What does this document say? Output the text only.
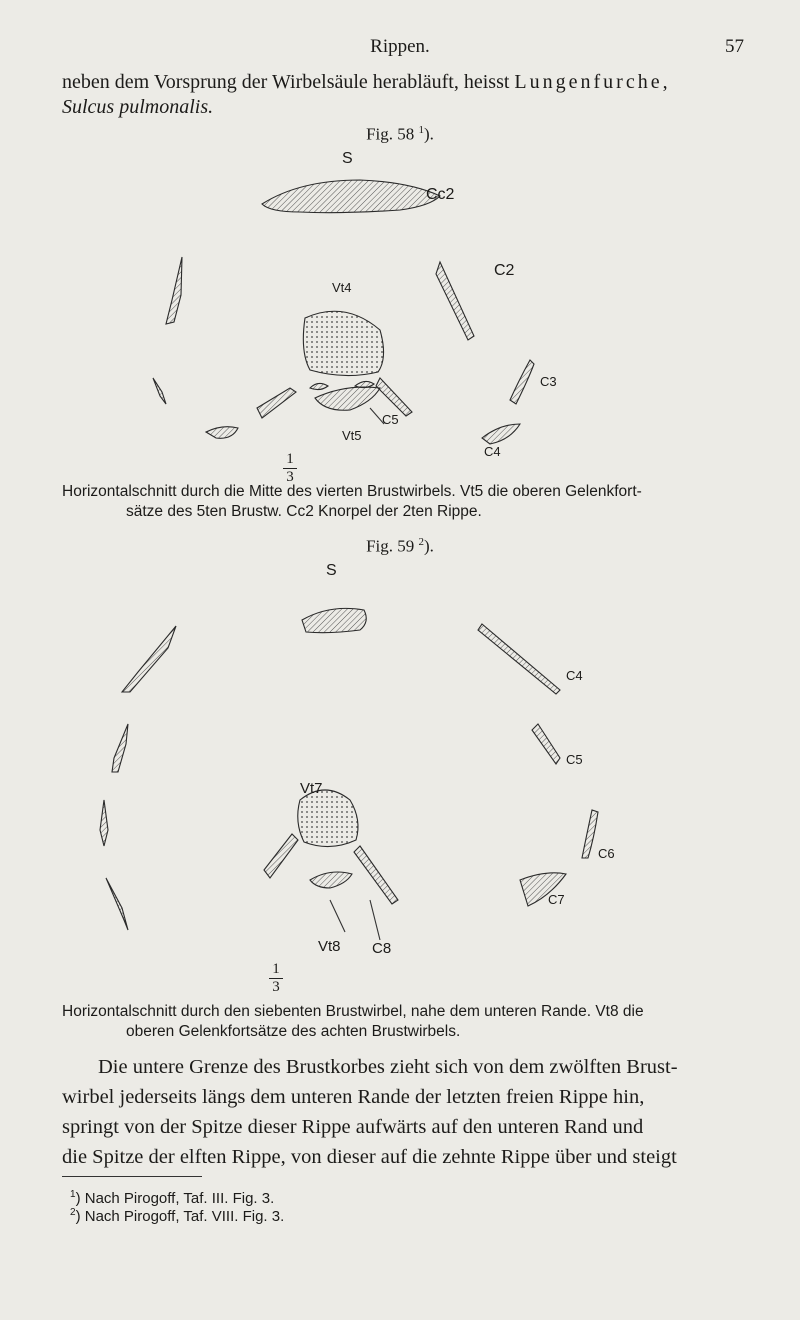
Rippen.	57
neben dem Vorsprung der Wirbelsäule herabläuft, heisst Lungenfurche,
Sulcus pulmonalis.
Fig. 58 $^1$).
S
Cc2
Vt4
C2
C3
C5
Vt5
C4
1
3
Horizontalschnitt durch die Mitte des vierten Brustwirbels. Vt5 die oberen Gelenkfort-
sätze des 5ten Brustw. Cc2 Knorpel der 2ten Rippe.
Fig. 59 $^2$).
S
C4
C5
Vt7
C6
C7
Vt8 C8
1
3
Horizontalschnitt durch den siebenten Brustwirbel, nahe dem unteren Rande. Vt8 die
oberen Gelenkfortsätze des achten Brustwirbels.
Die untere Grenze des Brustkorbes zieht sich von dem zwölften Brust-
wirbel jederseits längs dem unteren Rande der letzten freien Rippe hin,
springt von der Spitze dieser Rippe aufwärts auf den unteren Rand und
die Spitze der elften Rippe, von dieser auf die zehnte Rippe über und steigt
$^1$) Nach Pirogoff, Taf. III. Fig. 3.
$^2$) Nach Pirogoff, Taf. VIII. Fig. 3.
